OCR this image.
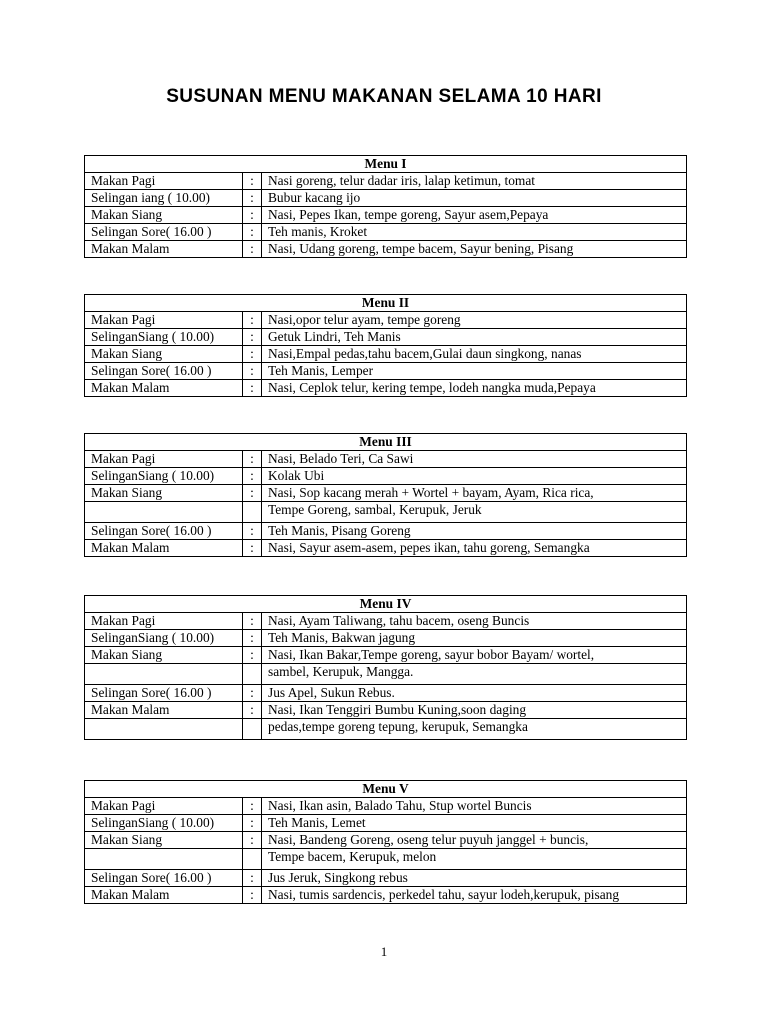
SUSUNAN MENU MAKANAN SELAMA 10 HARI
Menu I		
Makan Pagi	:	Nasi goreng, telur dadar iris, lalap ketimun, tomat
Selingan iang ( 10.00)	:	Bubur kacang ijo
Makan Siang	:	Nasi, Pepes Ikan, tempe goreng, Sayur asem,Pepaya
Selingan Sore( 16.00 )	:	Teh manis, Kroket
Makan Malam	:	Nasi, Udang goreng, tempe bacem, Sayur bening, Pisang
Menu II		
Makan Pagi	:	Nasi,opor telur ayam, tempe goreng
SelinganSiang ( 10.00)	:	Getuk Lindri, Teh Manis
Makan Siang	:	Nasi,Empal pedas,tahu bacem,Gulai daun singkong, nanas
Selingan Sore( 16.00 )	:	Teh Manis, Lemper
Makan Malam	:	Nasi, Ceplok telur, kering tempe, lodeh nangka muda,Pepaya
Menu III		
Makan Pagi	:	Nasi, Belado Teri, Ca Sawi
SelinganSiang ( 10.00)	:	Kolak Ubi
Makan Siang	:	Nasi, Sop kacang merah + Wortel + bayam, Ayam, Rica rica,
		Tempe Goreng, sambal, Kerupuk, Jeruk
Selingan Sore( 16.00 )	:	Teh Manis, Pisang Goreng
Makan Malam	:	Nasi, Sayur asem-asem, pepes ikan, tahu goreng, Semangka
Menu IV		
Makan Pagi	:	Nasi, Ayam Taliwang, tahu bacem, oseng Buncis
SelinganSiang ( 10.00)	:	Teh Manis, Bakwan jagung
Makan Siang	:	Nasi, Ikan Bakar,Tempe goreng, sayur bobor Bayam/ wortel,
		sambel, Kerupuk, Mangga.
Selingan Sore( 16.00 )	:	Jus Apel, Sukun Rebus.
Makan Malam	:	Nasi, Ikan Tenggiri Bumbu Kuning,soon daging
		pedas,tempe goreng tepung, kerupuk, Semangka
Menu V		
Makan Pagi	:	Nasi, Ikan asin, Balado Tahu, Stup wortel Buncis
SelinganSiang ( 10.00)	:	Teh Manis, Lemet
Makan Siang	:	Nasi, Bandeng Goreng, oseng telur puyuh janggel + buncis,
		Tempe bacem, Kerupuk, melon
Selingan Sore( 16.00 )	:	Jus Jeruk, Singkong rebus
Makan Malam	:	Nasi, tumis sardencis, perkedel tahu, sayur lodeh,kerupuk, pisang
1
